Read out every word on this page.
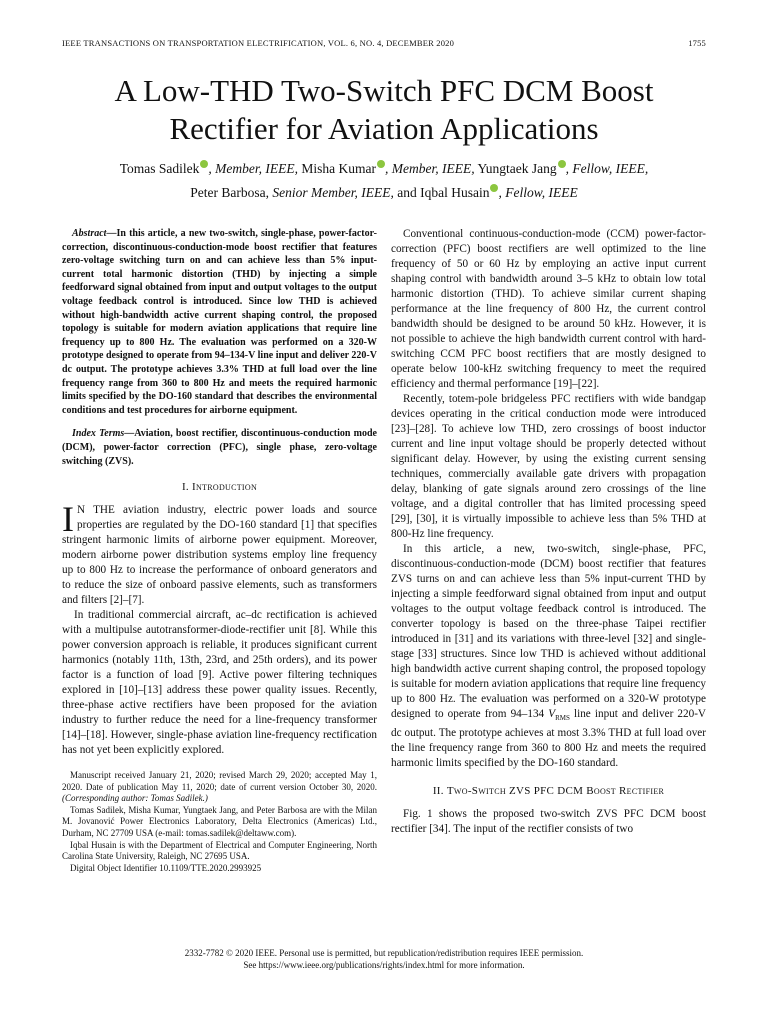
IEEE TRANSACTIONS ON TRANSPORTATION ELECTRIFICATION, VOL. 6, NO. 4, DECEMBER 2020	1755
A Low-THD Two-Switch PFC DCM Boost
Rectifier for Aviation Applications
Tomas Sadilek , Member, IEEE, Misha Kumar , Member, IEEE, Yungtaek Jang , Fellow, IEEE,
Peter Barbosa, Senior Member, IEEE, and Iqbal Husain , Fellow, IEEE

Abstract—In this article, a new two-switch, single-phase, power-factor-correction, discontinuous-conduction-mode boost rectifier that features zero-voltage switching turn on and can achieve less than 5% input-current total harmonic distortion (THD) by injecting a simple feedforward signal obtained from input and output voltages to the output voltage feedback control is introduced. Since low THD is achieved without high-bandwidth active current shaping control, the proposed topology is suitable for modern aviation applications that require line frequency up to 800 Hz. The evaluation was performed on a 320-W prototype designed to operate from 94–134-V line input and deliver 220-V dc output. The prototype achieves 3.3% THD at full load over the line frequency range from 360 to 800 Hz and meets the required harmonic limits specified by the DO-160 standard that describes the environmental conditions and test procedures for airborne equipment.

Index Terms—Aviation, boost rectifier, discontinuous-conduction mode (DCM), power-factor correction (PFC), single phase, zero-voltage switching (ZVS).

I. Introduction

I N THE aviation industry, electric power loads and source properties are regulated by the DO-160 standard [1] that specifies stringent harmonic limits of airborne power equipment. Moreover, modern airborne power distribution systems employ line frequency up to 800 Hz to increase the performance of onboard generators and to reduce the size of onboard passive elements, such as transformers and filters [2]–[7].

In traditional commercial aircraft, ac–dc rectification is achieved with a multipulse autotransformer-diode-rectifier unit [8]. While this power conversion approach is reliable, it produces significant current harmonics (notably 11th, 13th, 23rd, and 25th orders), and its power factor is a function of load [9]. Active power filtering techniques explored in [10]–[13] address these power quality issues. Recently, three-phase active rectifiers have been proposed for the aviation industry to further reduce the need for a line-frequency transformer [14]–[18]. However, single-phase aviation line-frequency rectification has not yet been explicitly explored.

Manuscript received January 21, 2020; revised March 29, 2020; accepted May 1, 2020. Date of publication May 11, 2020; date of current version October 30, 2020. (Corresponding author: Tomas Sadilek.)

Tomas Sadilek, Misha Kumar, Yungtaek Jang, and Peter Barbosa are with the Milan M. Jovanović Power Electronics Laboratory, Delta Electronics (Americas) Ltd., Durham, NC 27709 USA (e-mail: tomas.sadilek@deltaww.com).

Iqbal Husain is with the Department of Electrical and Computer Engineering, North Carolina State University, Raleigh, NC 27695 USA.

Digital Object Identifier 10.1109/TTE.2020.2993925

Conventional continuous-conduction-mode (CCM) power-factor-correction (PFC) boost rectifiers are well optimized to the line frequency of 50 or 60 Hz by employing an active input current shaping control with bandwidth around 3–5 kHz to obtain low total harmonic distortion (THD). To achieve similar current shaping performance at the line frequency of 800 Hz, the current control bandwidth should be designed to be around 50 kHz. However, it is not possible to achieve the high bandwidth current control with hard-switching CCM PFC boost rectifiers that are mostly designed to operate below 100-kHz switching frequency to meet the required efficiency and thermal performance [19]–[22].

Recently, totem-pole bridgeless PFC rectifiers with wide bandgap devices operating in the critical conduction mode were introduced [23]–[28]. To achieve low THD, zero crossings of boost inductor current and line input voltage should be properly detected without significant delay. However, by using the existing current sensing techniques, commercially available gate drivers with propagation delay, blanking of gate signals around zero crossings of the line voltage, and a digital controller that has limited processing speed [29], [30], it is virtually impossible to achieve less than 5% THD at 800-Hz line frequency.

In this article, a new, two-switch, single-phase, PFC, discontinuous-conduction-mode (DCM) boost rectifier that features ZVS turns on and can achieve less than 5% input-current THD by injecting a simple feedforward signal obtained from input and output voltages to the output voltage feedback control is introduced. The converter topology is based on the three-phase Taipei rectifier introduced in [31] and its variations with three-level [32] and single-stage [33] structures. Since low THD is achieved without additional high bandwidth active current shaping control, the proposed topology is suitable for modern aviation applications that require line frequency up to 800 Hz. The evaluation was performed on a 320-W prototype designed to operate from 94–134 $V_{RMS}$ line input and deliver 220-V dc output. The prototype achieves at most 3.3% THD at full load over the line frequency range from 360 to 800 Hz and meets the required harmonic limits specified by the DO-160 standard.

II. Two-Switch ZVS PFC DCM Boost Rectifier

Fig. 1 shows the proposed two-switch ZVS PFC DCM boost rectifier [34]. The input of the rectifier consists of two

2332-7782 © 2020 IEEE. Personal use is permitted, but republication/redistribution requires IEEE permission.
See https://www.ieee.org/publications/rights/index.html for more information.
